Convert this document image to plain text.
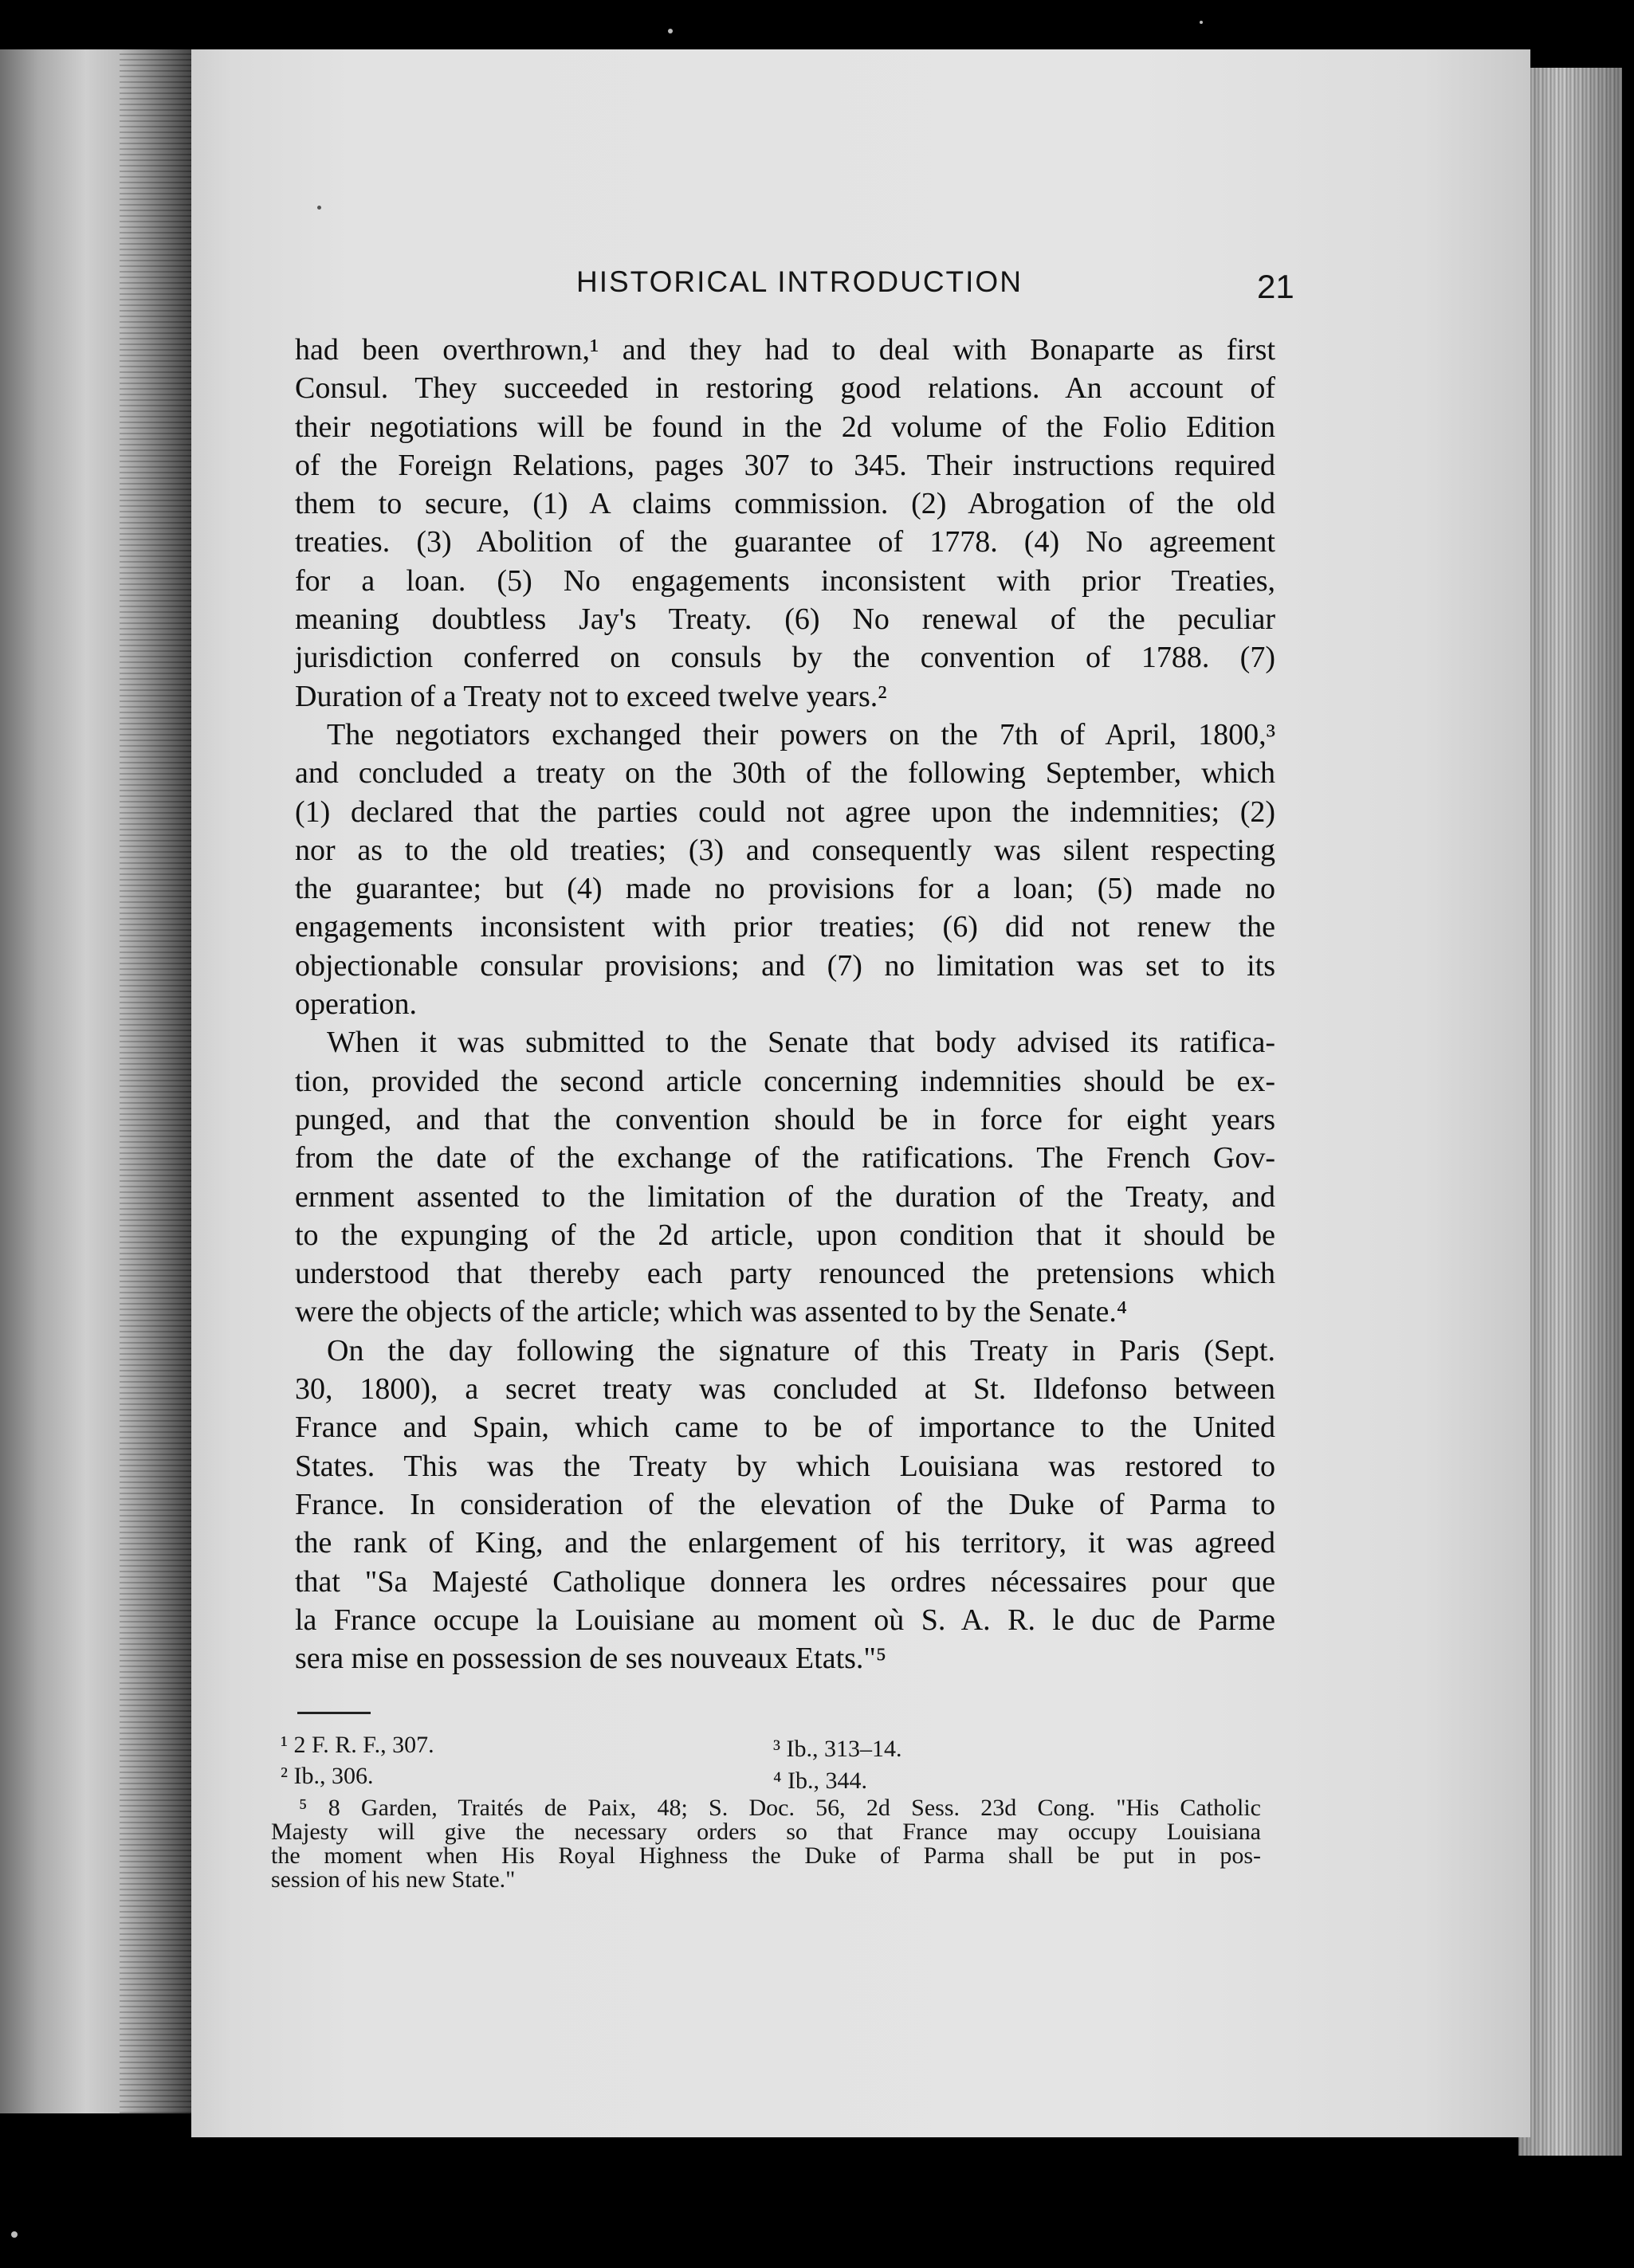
HISTORICAL INTRODUCTION	21
had been overthrown,¹ and they had to deal with Bonaparte as first
Consul. They succeeded in restoring good relations. An account of
their negotiations will be found in the 2d volume of the Folio Edition
of the Foreign Relations, pages 307 to 345. Their instructions required
them to secure, (1) A claims commission. (2) Abrogation of the old
treaties. (3) Abolition of the guarantee of 1778. (4) No agreement
for a loan. (5) No engagements inconsistent with prior Treaties,
meaning doubtless Jay's Treaty. (6) No renewal of the peculiar
jurisdiction conferred on consuls by the convention of 1788. (7)
Duration of a Treaty not to exceed twelve years.²
The negotiators exchanged their powers on the 7th of April, 1800,³
and concluded a treaty on the 30th of the following September, which
(1) declared that the parties could not agree upon the indemnities; (2)
nor as to the old treaties; (3) and consequently was silent respecting
the guarantee; but (4) made no provisions for a loan; (5) made no
engagements inconsistent with prior treaties; (6) did not renew the
objectionable consular provisions; and (7) no limitation was set to its
operation.
When it was submitted to the Senate that body advised its ratifica-
tion, provided the second article concerning indemnities should be ex-
punged, and that the convention should be in force for eight years
from the date of the exchange of the ratifications. The French Gov-
ernment assented to the limitation of the duration of the Treaty, and
to the expunging of the 2d article, upon condition that it should be
understood that thereby each party renounced the pretensions which
were the objects of the article; which was assented to by the Senate.⁴
On the day following the signature of this Treaty in Paris (Sept.
30, 1800), a secret treaty was concluded at St. Ildefonso between
France and Spain, which came to be of importance to the United
States. This was the Treaty by which Louisiana was restored to
France. In consideration of the elevation of the Duke of Parma to
the rank of King, and the enlargement of his territory, it was agreed
that "Sa Majesté Catholique donnera les ordres nécessaires pour que
la France occupe la Louisiane au moment où S. A. R. le duc de Parme
sera mise en possession de ses nouveaux Etats."⁵
¹ 2 F. R. F., 307.
² Ib., 306.
³ Ib., 313–14.
⁴ Ib., 344.
⁵ 8 Garden, Traités de Paix, 48; S. Doc. 56, 2d Sess. 23d Cong. "His Catholic
Majesty will give the necessary orders so that France may occupy Louisiana
the moment when His Royal Highness the Duke of Parma shall be put in pos-
session of his new State."
